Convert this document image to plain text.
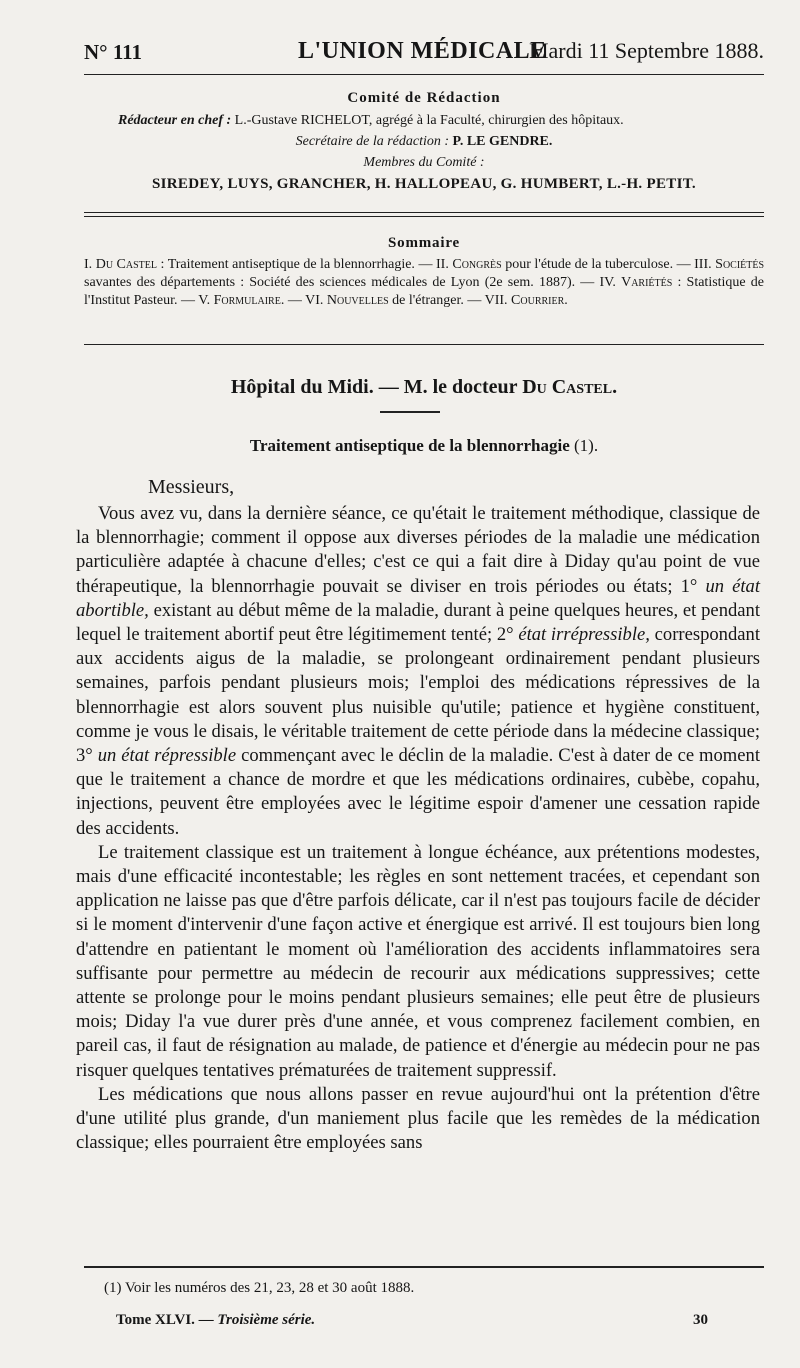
N° 111	L'UNION MÉDICALE
Mardi 11 Septembre 1888.
Comité de Rédaction
Rédacteur en chef : L.-Gustave RICHELOT, agrégé à la Faculté, chirurgien des hôpitaux.
Secrétaire de la rédaction : P. LE GENDRE.
Membres du Comité :
SIREDEY, LUYS, GRANCHER, H. HALLOPEAU, G. HUMBERT, L.-H. PETIT.
Sommaire
I. Du Castel : Traitement antiseptique de la blennorrhagie. — II. Congrès pour l'étude de la tuberculose. — III. Sociétés savantes des départements : Société des sciences médicales de Lyon (2e sem. 1887). — IV. Variétés : Statistique de l'Institut Pasteur. — V. Formulaire. — VI. Nouvelles de l'étranger. — VII. Courrier.
Hôpital du Midi. — M. le docteur Du Castel.
Traitement antiseptique de la blennorrhagie (1).
Messieurs,

Vous avez vu, dans la dernière séance, ce qu'était le traitement méthodique, classique de la blennorrhagie; comment il oppose aux diverses périodes de la maladie une médication particulière adaptée à chacune d'elles; c'est ce qui a fait dire à Diday qu'au point de vue thérapeutique, la blennorrhagie pouvait se diviser en trois périodes ou états; 1° un état abortible, existant au début même de la maladie, durant à peine quelques heures, et pendant lequel le traitement abortif peut être légitimement tenté; 2° état irrépressible, correspondant aux accidents aigus de la maladie, se prolongeant ordinairement pendant plusieurs semaines, parfois pendant plusieurs mois; l'emploi des médications répressives de la blennorrhagie est alors souvent plus nuisible qu'utile; patience et hygiène constituent, comme je vous le disais, le véritable traitement de cette période dans la médecine classique; 3° un état répressible commençant avec le déclin de la maladie. C'est à dater de ce moment que le traitement a chance de mordre et que les médications ordinaires, cubèbe, copahu, injections, peuvent être employées avec le légitime espoir d'amener une cessation rapide des accidents.

Le traitement classique est un traitement à longue échéance, aux prétentions modestes, mais d'une efficacité incontestable; les règles en sont nettement tracées, et cependant son application ne laisse pas que d'être parfois délicate, car il n'est pas toujours facile de décider si le moment d'intervenir d'une façon active et énergique est arrivé. Il est toujours bien long d'attendre en patientant le moment où l'amélioration des accidents inflammatoires sera suffisante pour permettre au médecin de recourir aux médications suppressives; cette attente se prolonge pour le moins pendant plusieurs semaines; elle peut être de plusieurs mois; Diday l'a vue durer près d'une année, et vous comprenez facilement combien, en pareil cas, il faut de résignation au malade, de patience et d'énergie au médecin pour ne pas risquer quelques tentatives prématurées de traitement suppressif.

Les médications que nous allons passer en revue aujourd'hui ont la prétention d'être d'une utilité plus grande, d'un maniement plus facile que les remèdes de la médication classique; elles pourraient être employées sans

(1) Voir les numéros des 21, 23, 28 et 30 août 1888.
Tome XLVI. — Troisième série.	30
